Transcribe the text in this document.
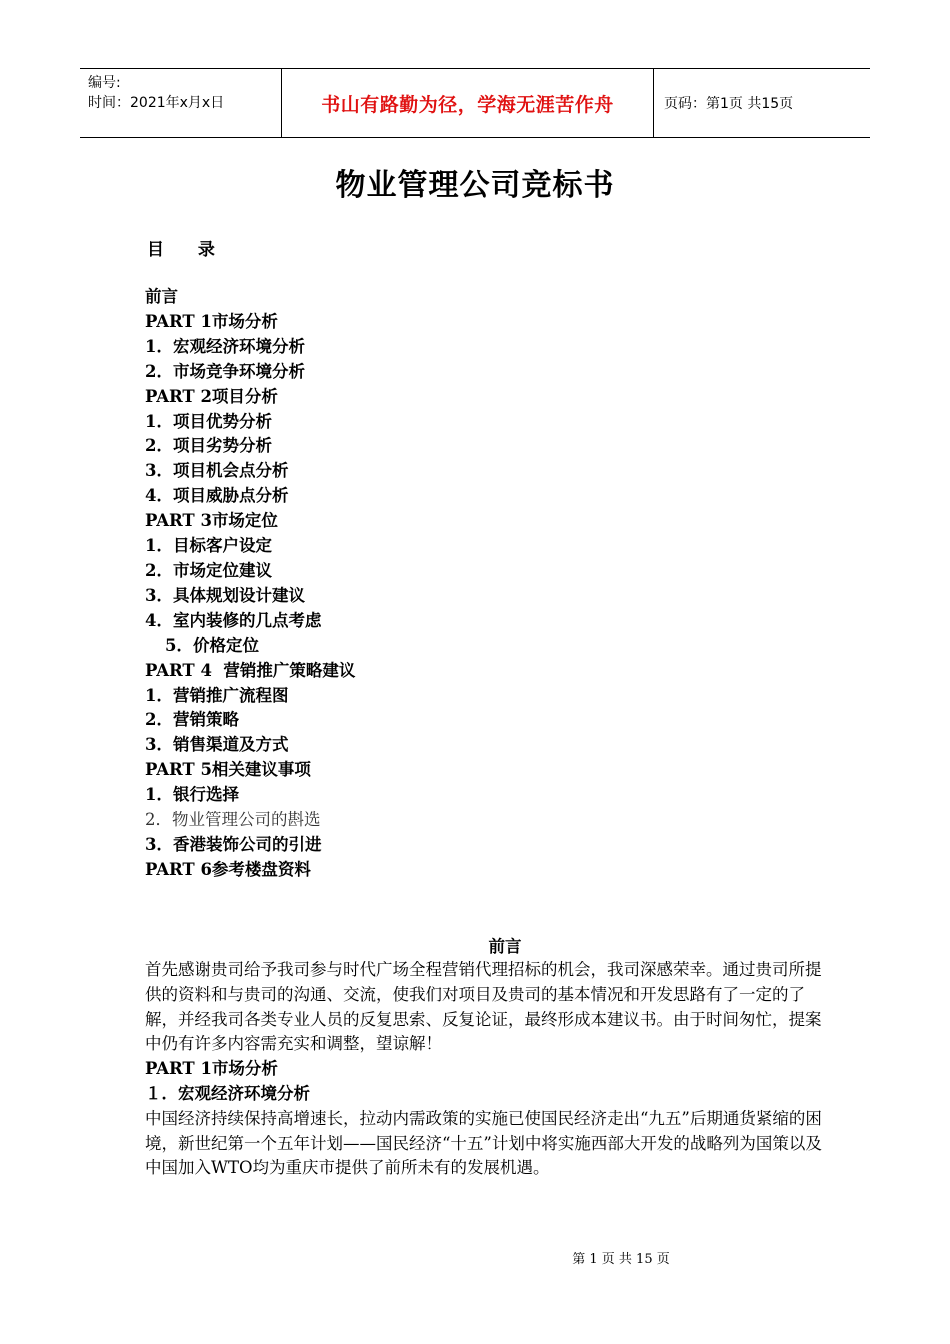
编号:
时间：2021年x月x日	书山有路勤为径，学海无涯苦作舟	页码：第1页 共15页
物业管理公司竞标书
目 录
前言
PART 1市场分析
1．宏观经济环境分析
2．市场竞争环境分析
PART 2项目分析
1．项目优势分析
2．项目劣势分析
3．项目机会点分析
4．项目威胁点分析
PART 3市场定位
1．目标客户设定
2．市场定位建议
3．具体规划设计建议
4．室内装修的几点考虑
5．价格定位
PART 4  营销推广策略建议
1．营销推广流程图
2．营销策略
3．销售渠道及方式
PART 5相关建议事项
1．银行选择
2．物业管理公司的斟选
3．香港装饰公司的引进
PART 6参考楼盘资料
前言

首先感谢贵司给予我司参与时代广场全程营销代理招标的机会，我司深感荣幸。通过贵司所提供的资料和与贵司的沟通、交流，使我们对项目及贵司的基本情况和开发思路有了一定的了解，并经我司各类专业人员的反复思索、反复论证，最终形成本建议书。由于时间匆忙，提案中仍有许多内容需充实和调整，望谅解！

PART 1市场分析

１．宏观经济环境分析

中国经济持续保持高增速长，拉动内需政策的实施已使国民经济走出“九五”后期通货紧缩的困境，新世纪第一个五年计划——国民经济“十五”计划中将实施西部大开发的战略列为国策以及中国加入WTO均为重庆市提供了前所未有的发展机遇。

第 1 页 共 15 页
